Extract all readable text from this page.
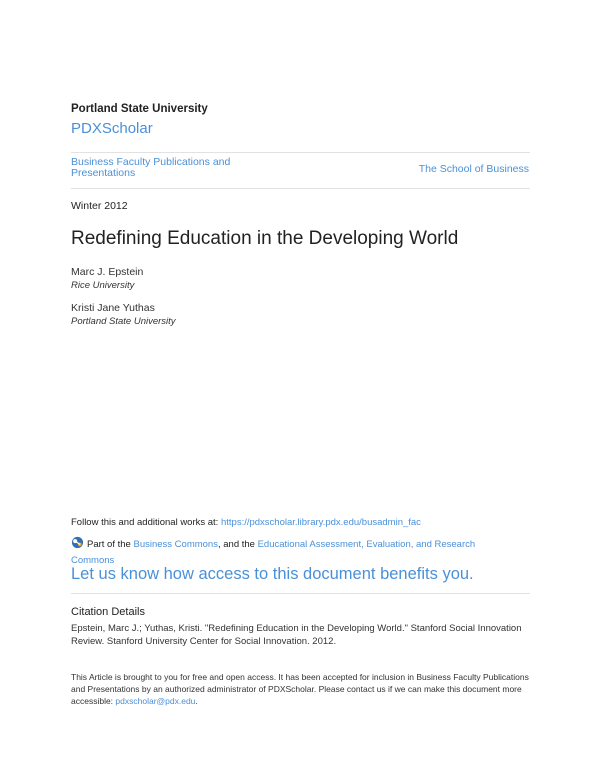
Portland State University
PDXScholar
Business Faculty Publications and Presentations	The School of Business
Winter 2012
Redefining Education in the Developing World
Marc J. Epstein
Rice University
Kristi Jane Yuthas
Portland State University
Follow this and additional works at: https://pdxscholar.library.pdx.edu/busadmin_fac
Part of the Business Commons, and the Educational Assessment, Evaluation, and Research Commons
Let us know how access to this document benefits you.
Citation Details
Epstein, Marc J.; Yuthas, Kristi. "Redefining Education in the Developing World." Stanford Social Innovation Review. Stanford University Center for Social Innovation. 2012.
This Article is brought to you for free and open access. It has been accepted for inclusion in Business Faculty Publications and Presentations by an authorized administrator of PDXScholar. Please contact us if we can make this document more accessible: pdxscholar@pdx.edu.
